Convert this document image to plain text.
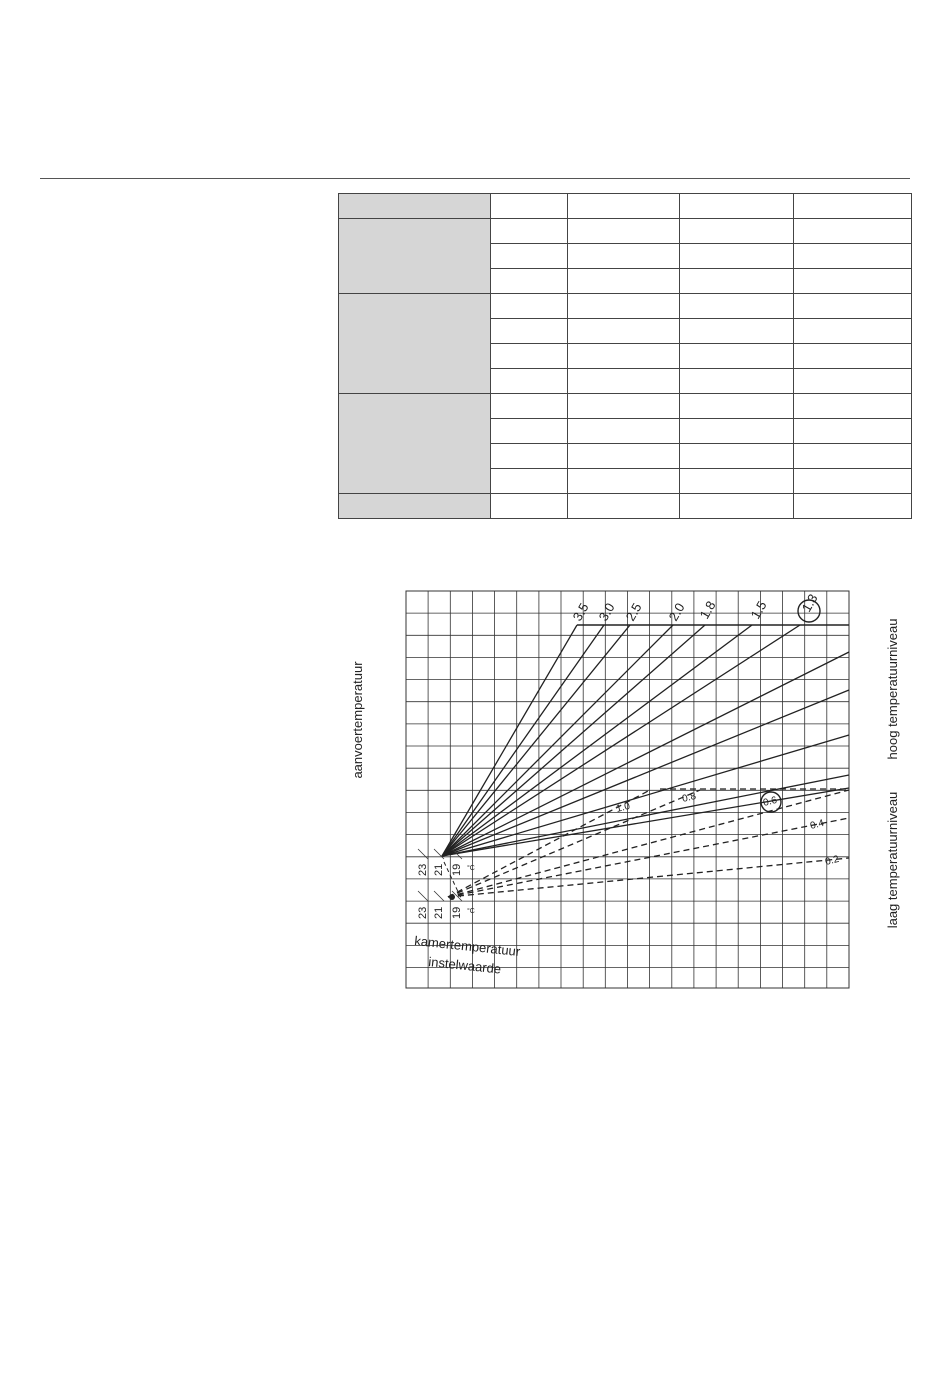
3.5 3.0 2.5 2.0 1.8 1.5 1.3
1.0
0.8	0.6
0.4
0.2
23 21 19 °C
23 21 19 °C
aanvoertemperatuur	hoog temperatuurniveau
laag temperatuurniveau
kamertemperatuur
instelwaarde
